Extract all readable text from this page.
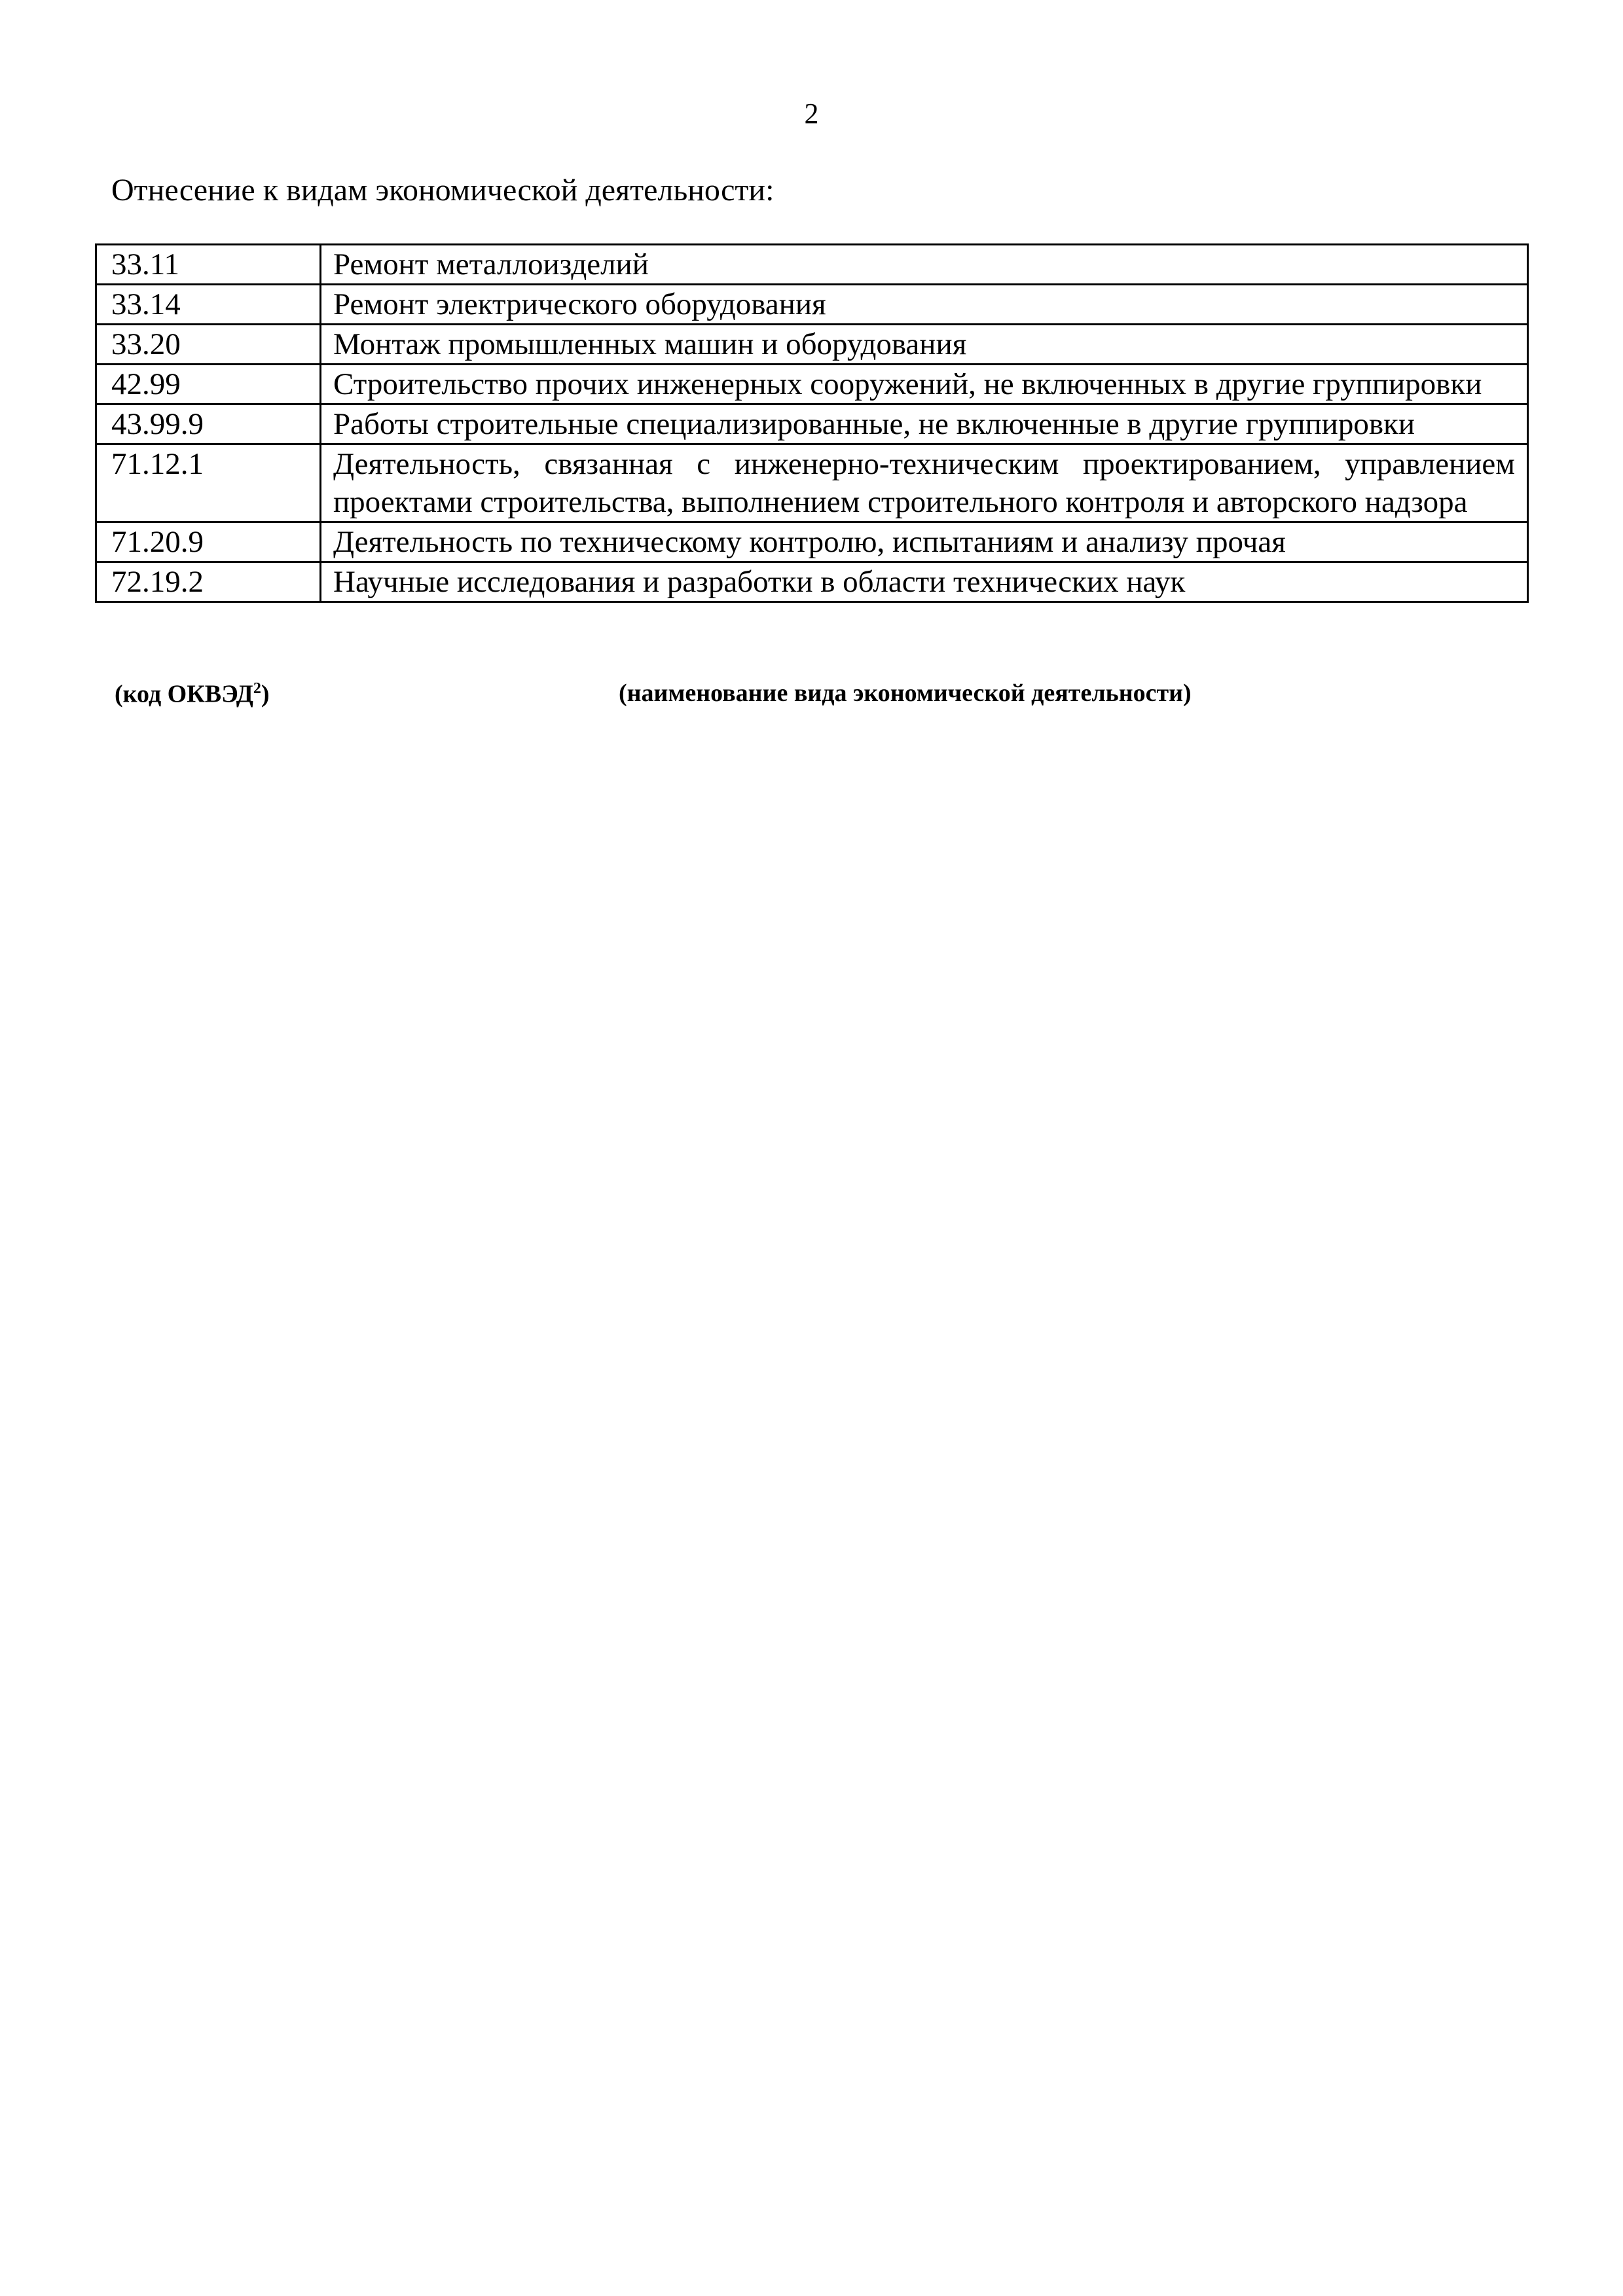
2
Отнесение к видам экономической деятельности:
33.11	Ремонт металлоизделий
33.14	Ремонт электрического оборудования
33.20	Монтаж промышленных машин и оборудования
42.99	Строительство прочих инженерных сооружений, не включенных в другие группировки
43.99.9	Работы строительные специализированные, не включенные в другие группировки
71.12.1	Деятельность, связанная с инженерно-техническим проектированием, управлением проектами строительства, выполнением строительного контроля и авторского надзора
71.20.9	Деятельность по техническому контролю, испытаниям и анализу прочая
72.19.2	Научные исследования и разработки в области технических наук
(код ОКВЭД$^2$)	(наименование вида экономической деятельности)
